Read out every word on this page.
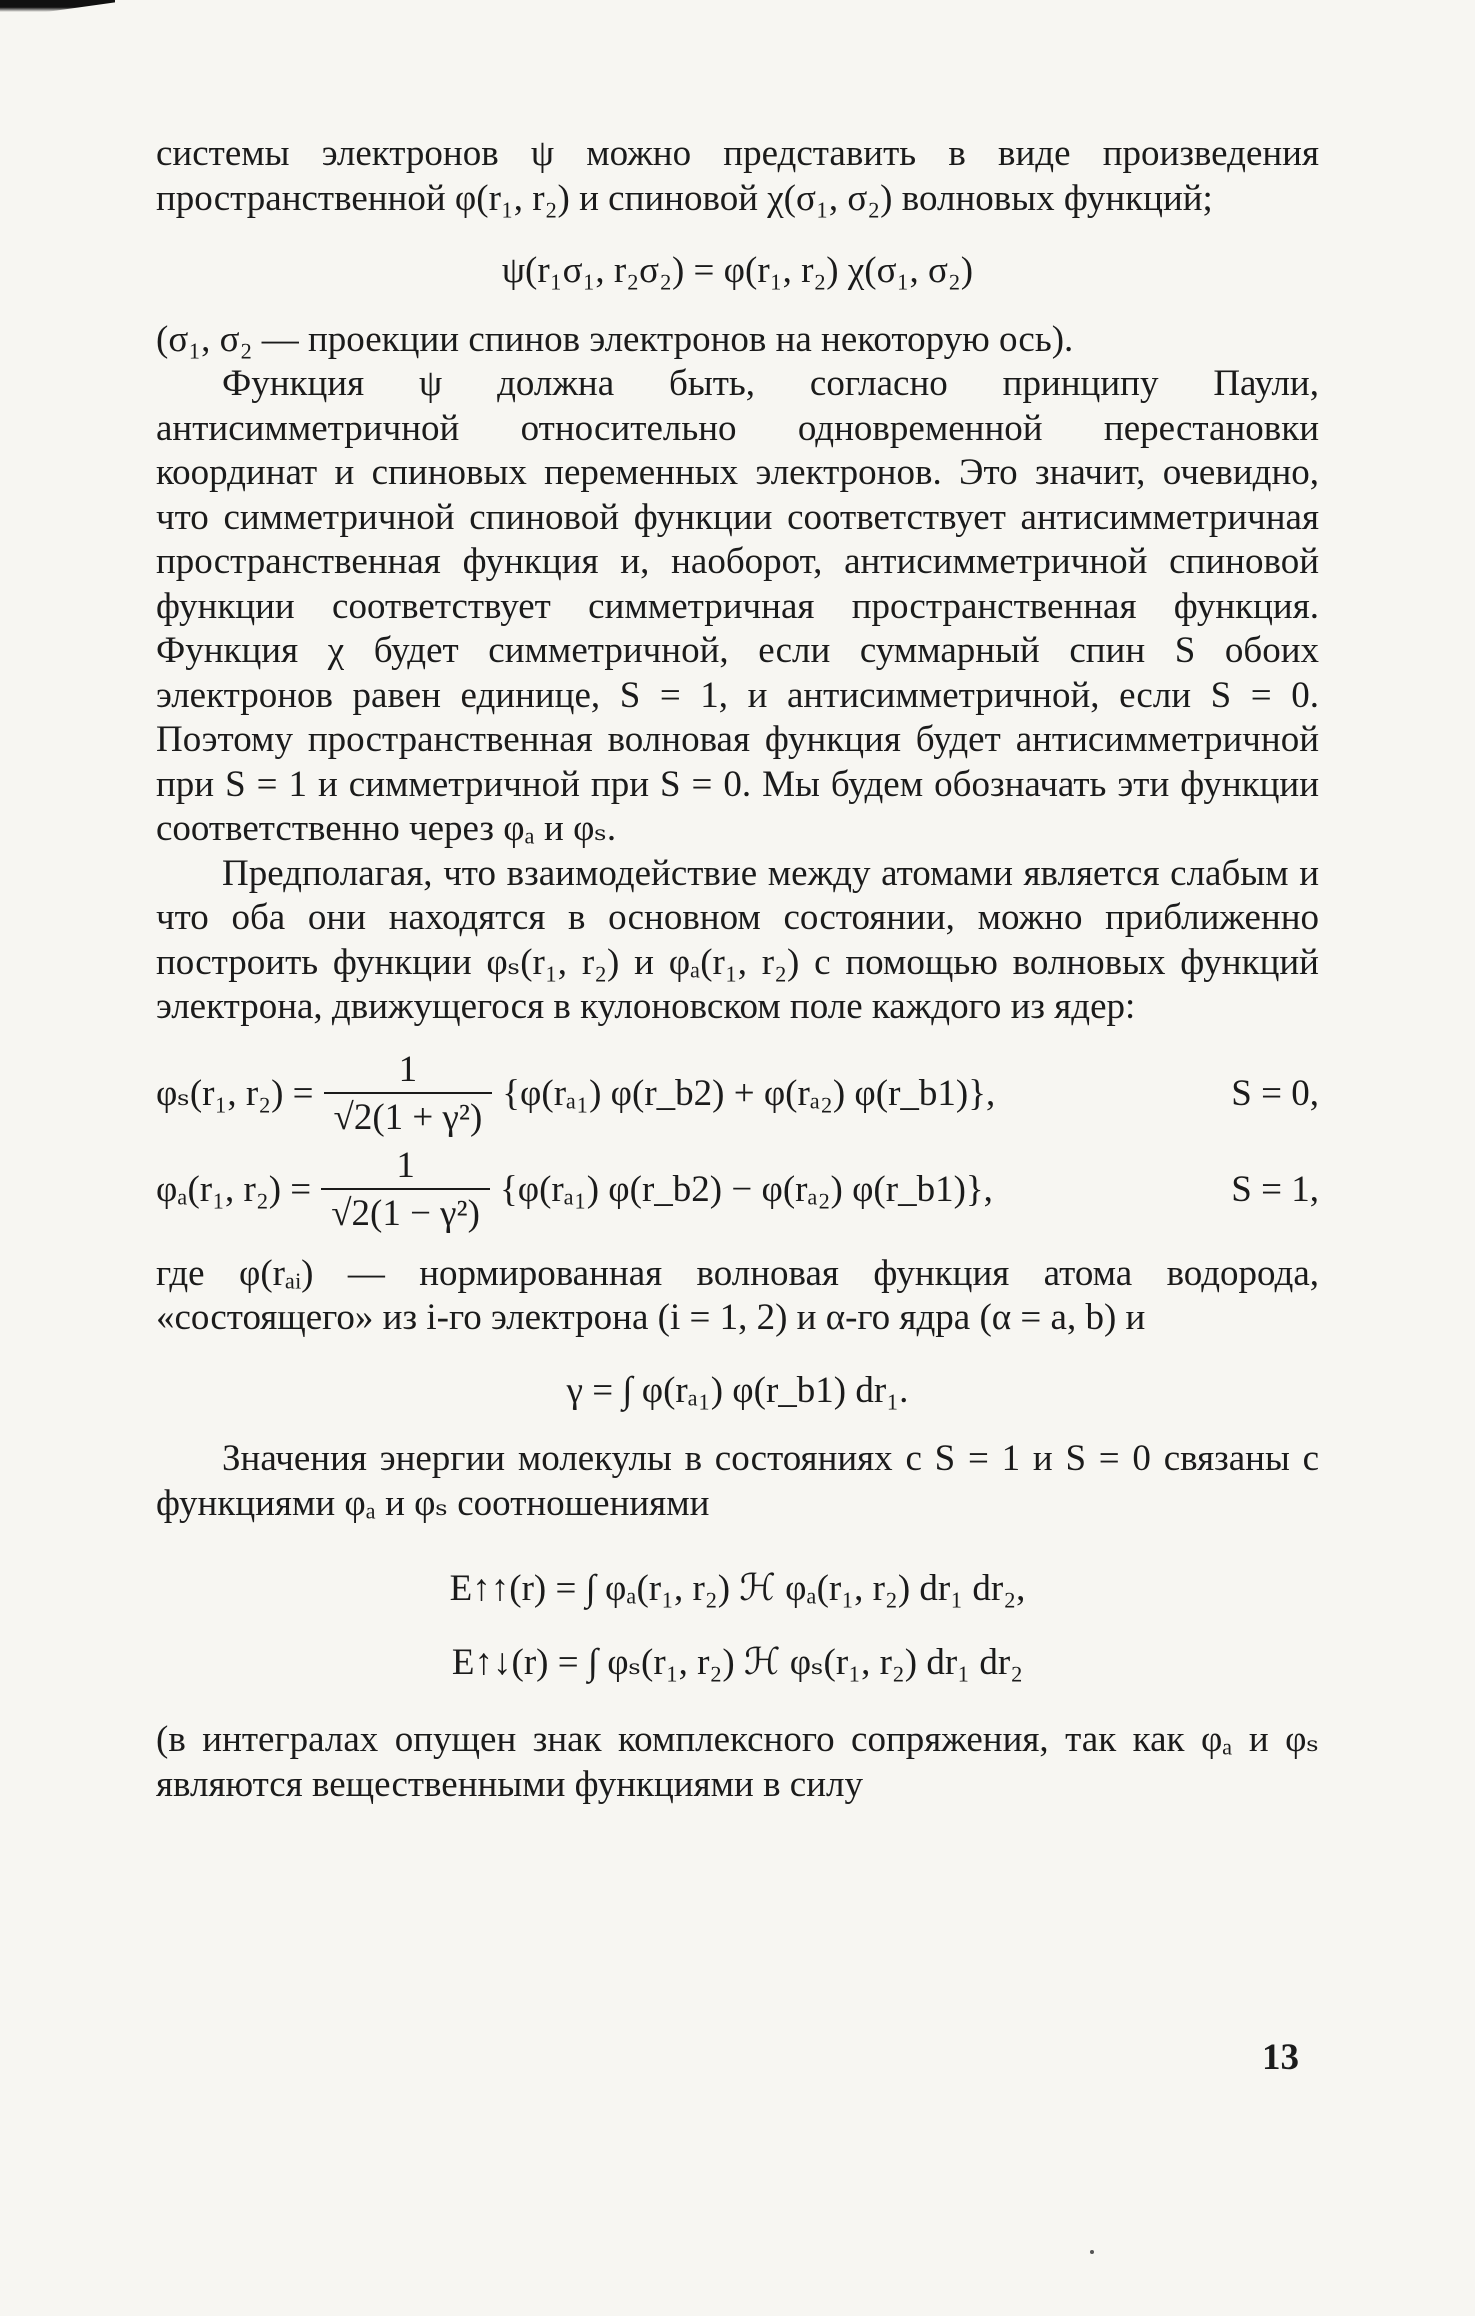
системы электронов ψ можно представить в виде произведения пространственной φ(r₁, r₂) и спиновой χ(σ₁, σ₂) волновых функций;

ψ(r₁σ₁, r₂σ₂) = φ(r₁, r₂) χ(σ₁, σ₂)

(σ₁, σ₂ — проекции спинов электронов на некоторую ось).

Функция ψ должна быть, согласно принципу Паули, антисимметричной относительно одновременной перестановки координат и спиновых переменных электронов. Это значит, очевидно, что симметричной спиновой функции соответствует антисимметричная пространственная функция и, наоборот, антисимметричной спиновой функции соответствует симметричная пространственная функция. Функция χ будет симметричной, если суммарный спин S обоих электронов равен единице, S = 1, и антисимметричной, если S = 0. Поэтому пространственная волновая функция будет антисимметричной при S = 1 и симметричной при S = 0. Мы будем обозначать эти функции соответственно через φₐ и φₛ.

Предполагая, что взаимодействие между атомами является слабым и что оба они находятся в основном состоянии, можно приближенно построить функции φₛ(r₁, r₂) и φₐ(r₁, r₂) с помощью волновых функций электрона, движущегося в кулоновском поле каждого из ядер:

φₛ(r₁, $r_2) = \frac{1}{\text{√2(1 + γ²)}} \{\varphi(r_{a1})$ φ(r_b2) + φ(rₐ₂) φ(r_b1)},	S = 0,
φₐ(r₁, $r_2) = \frac{1}{\text{√2(1 − γ²)}} \{\varphi(r_{a1})$ φ(r_b2) − φ(rₐ₂) φ(r_b1)},	S = 1,

где φ(rₐᵢ) — нормированная волновая функция атома водорода, «состоящего» из i-го электрона (i = 1, 2) и α-го ядра (α = a, b) и

γ = ∫ φ(rₐ₁) φ(r_b1) dr₁.

Значения энергии молекулы в состояниях с S = 1 и S = 0 связаны с функциями φₐ и φₛ соотношениями

E↑↑(r) = ∫ φₐ(r₁, r₂) ℋ φₐ(r₁, r₂) dr₁ dr₂,
E↑↓(r) = ∫ φₛ(r₁, r₂) ℋ φₛ(r₁, r₂) dr₁ dr₂

(в интегралах опущен знак комплексного сопряжения, так как φₐ и φₛ являются вещественными функциями в силу

13
